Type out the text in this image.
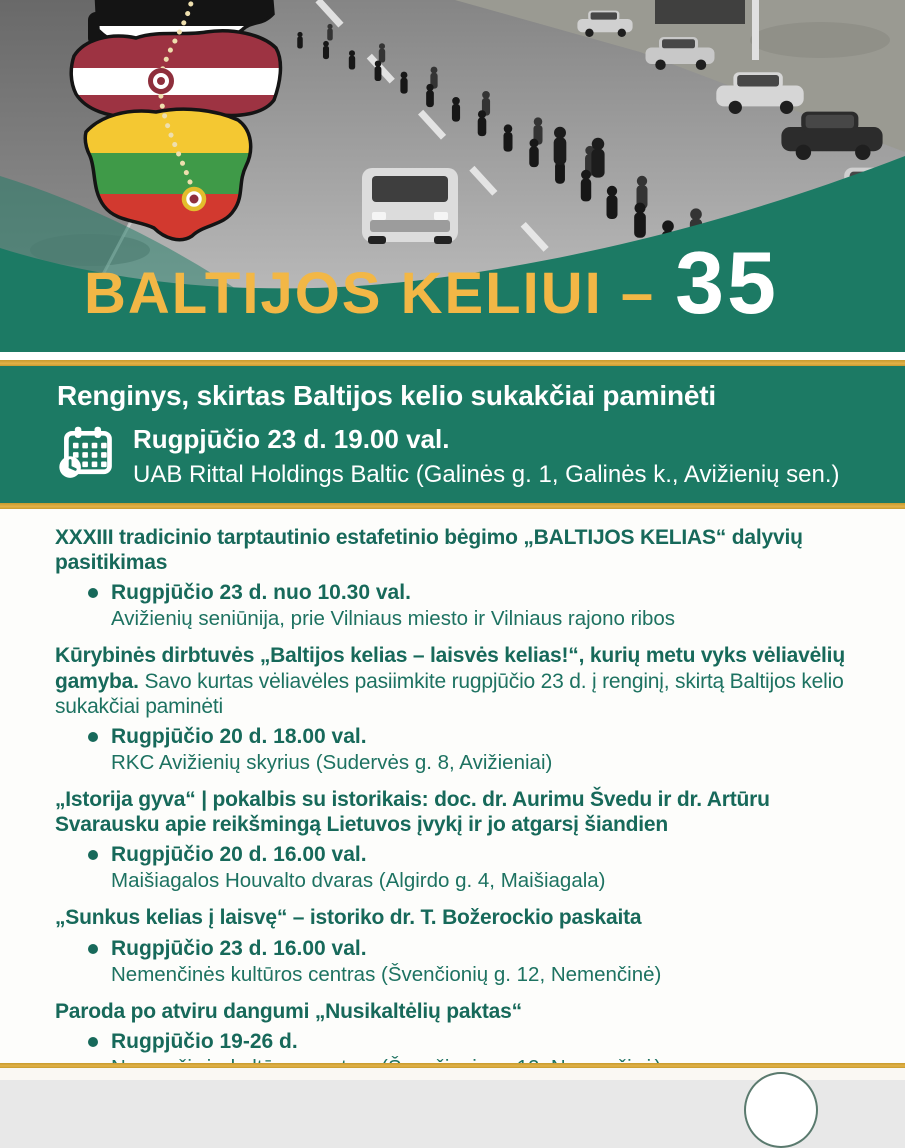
BALTIJOS KELIUI – 35
Renginys, skirtas Baltijos kelio sukakčiai paminėti
Rugpjūčio 23 d. 19.00 val.
UAB Rittal Holdings Baltic (Galinės g. 1, Galinės k., Avižienių sen.)
XXXIII tradicinio tarptautinio estafetinio bėgimo „BALTIJOS KELIAS“ dalyvių pasitikimas
Rugpjūčio 23 d. nuo 10.30 val.
Avižienių seniūnija, prie Vilniaus miesto ir Vilniaus rajono ribos
Kūrybinės dirbtuvės „Baltijos kelias – laisvės kelias!“, kurių metu vyks vėliavėlių gamyba. Savo kurtas vėliavėles pasiimkite rugpjūčio 23 d. į renginį, skirtą Baltijos kelio sukakčiai paminėti
Rugpjūčio 20 d. 18.00 val.
RKC Avižienių skyrius (Sudervės g. 8, Avižieniai)
„Istorija gyva“ | pokalbis su istorikais: doc. dr. Aurimu Švedu ir dr. Artūru Svarausku apie reikšmingą Lietuvos įvykį ir jo atgarsį šiandien
Rugpjūčio 20 d. 16.00 val.
Maišiagalos Houvalto dvaras (Algirdo g. 4, Maišiagala)
„Sunkus kelias į laisvę“ – istoriko dr. T. Božerockio paskaita
Rugpjūčio 23 d. 16.00 val.
Nemenčinės kultūros centras (Švenčionių g. 12, Nemenčinė)
Paroda po atviru dangumi „Nusikaltėlių paktas“
Rugpjūčio 19-26 d.
